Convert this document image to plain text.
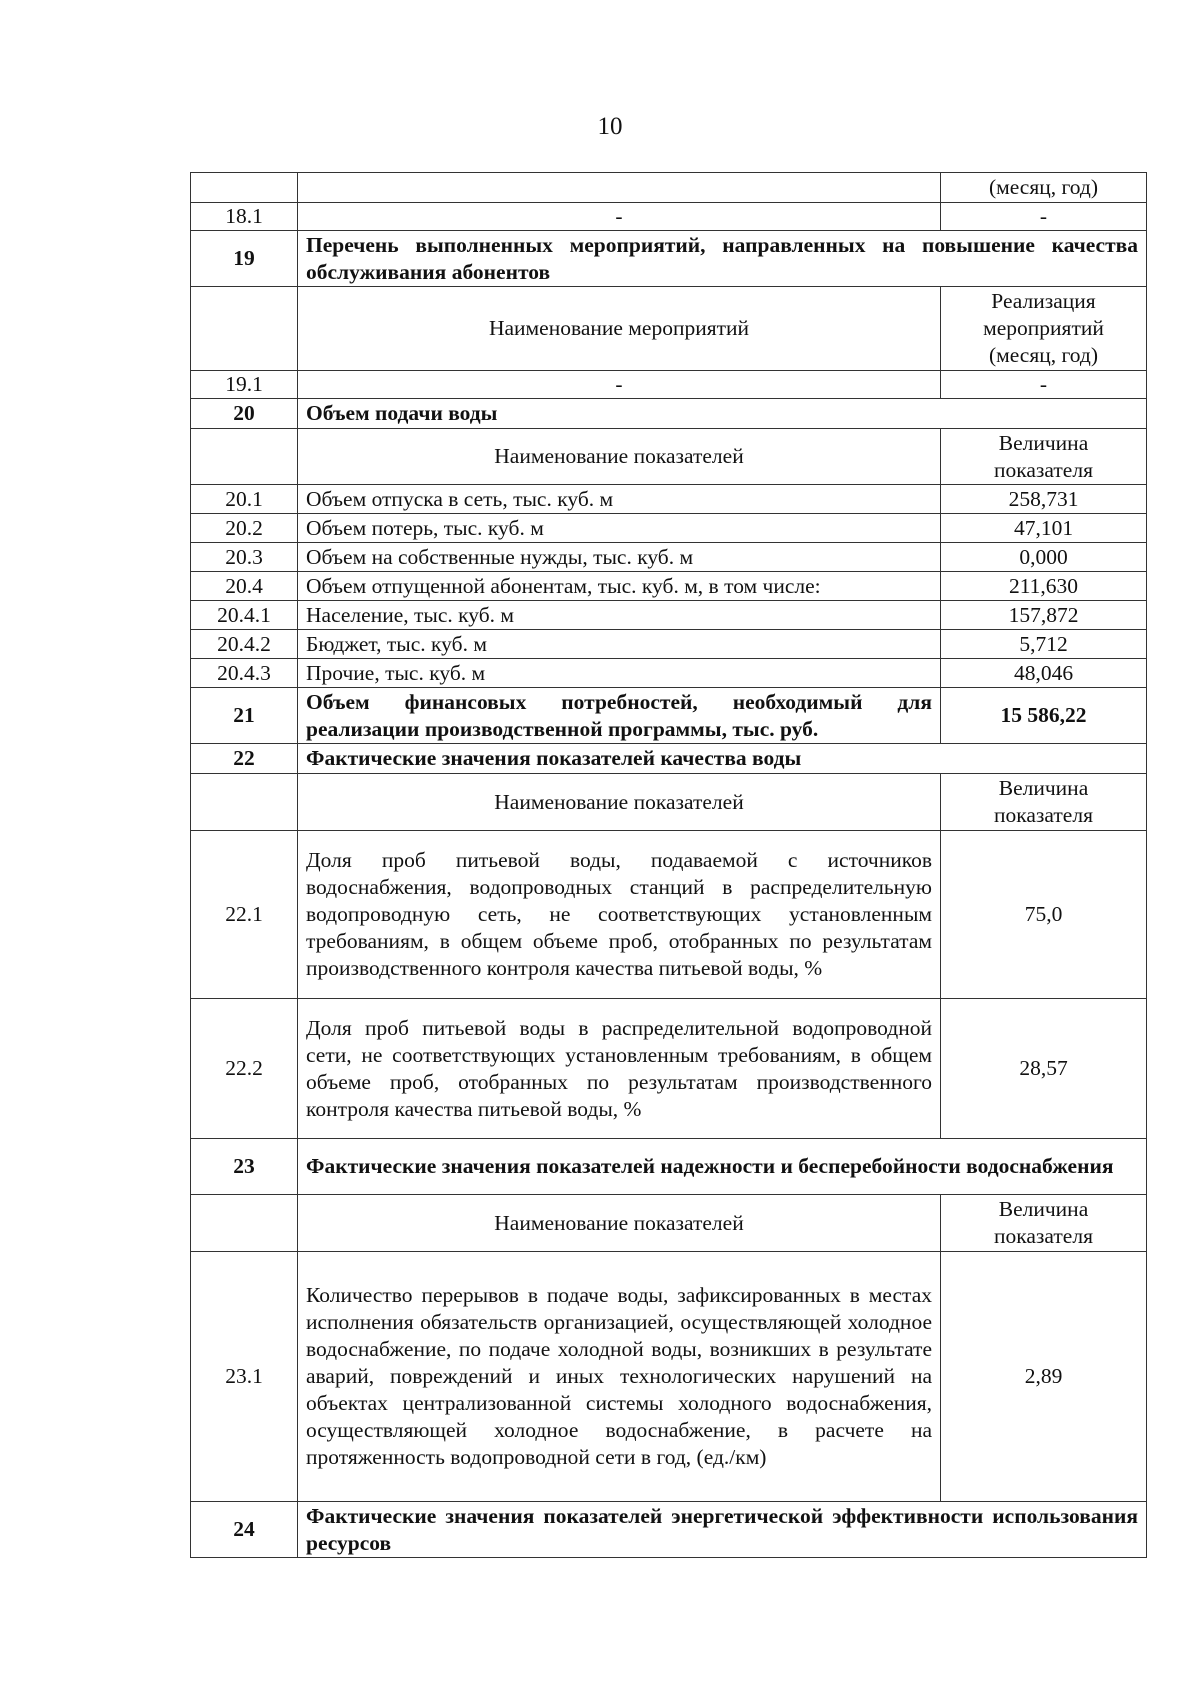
10
		(месяц, год)
18.1	-	-
19	Перечень выполненных мероприятий, направленных на повышение качества обслуживания абонентов	
	Наименование мероприятий	Реализация мероприятий (месяц, год)
19.1	-	-
20	Объем подачи воды	
	Наименование показателей	Величина показателя
20.1	Объем отпуска в сеть, тыс. куб. м	258,731
20.2	Объем потерь, тыс. куб. м	47,101
20.3	Объем на собственные нужды, тыс. куб. м	0,000
20.4	Объем отпущенной абонентам, тыс. куб. м, в том числе:	211,630
20.4.1	Население, тыс. куб. м	157,872
20.4.2	Бюджет, тыс. куб. м	5,712
20.4.3	Прочие, тыс. куб. м	48,046
21	Объем финансовых потребностей, необходимый для реализации производственной программы, тыс. руб.	15 586,22
22	Фактические значения показателей качества воды	
	Наименование показателей	Величина показателя
22.1	Доля проб питьевой воды, подаваемой с источников водоснабжения, водопроводных станций в распределительную водопроводную сеть, не соответствующих установленным требованиям, в общем объеме проб, отобранных по результатам производственного контроля качества питьевой воды, %	75,0
22.2	Доля проб питьевой воды в распределительной водопроводной сети, не соответствующих установленным требованиям, в общем объеме проб, отобранных по результатам производственного контроля качества питьевой воды, %	28,57
23	Фактические значения показателей надежности и бесперебойности водоснабжения	
	Наименование показателей	Величина показателя
23.1	Количество перерывов в подаче воды, зафиксированных в местах исполнения обязательств организацией, осуществляющей холодное водоснабжение, по подаче холодной воды, возникших в результате аварий, повреждений и иных технологических нарушений на объектах централизованной системы холодного водоснабжения, осуществляющей холодное водоснабжение, в расчете на протяженность водопроводной сети в год, (ед./км)	2,89
24	Фактические значения показателей энергетической эффективности использования ресурсов	
